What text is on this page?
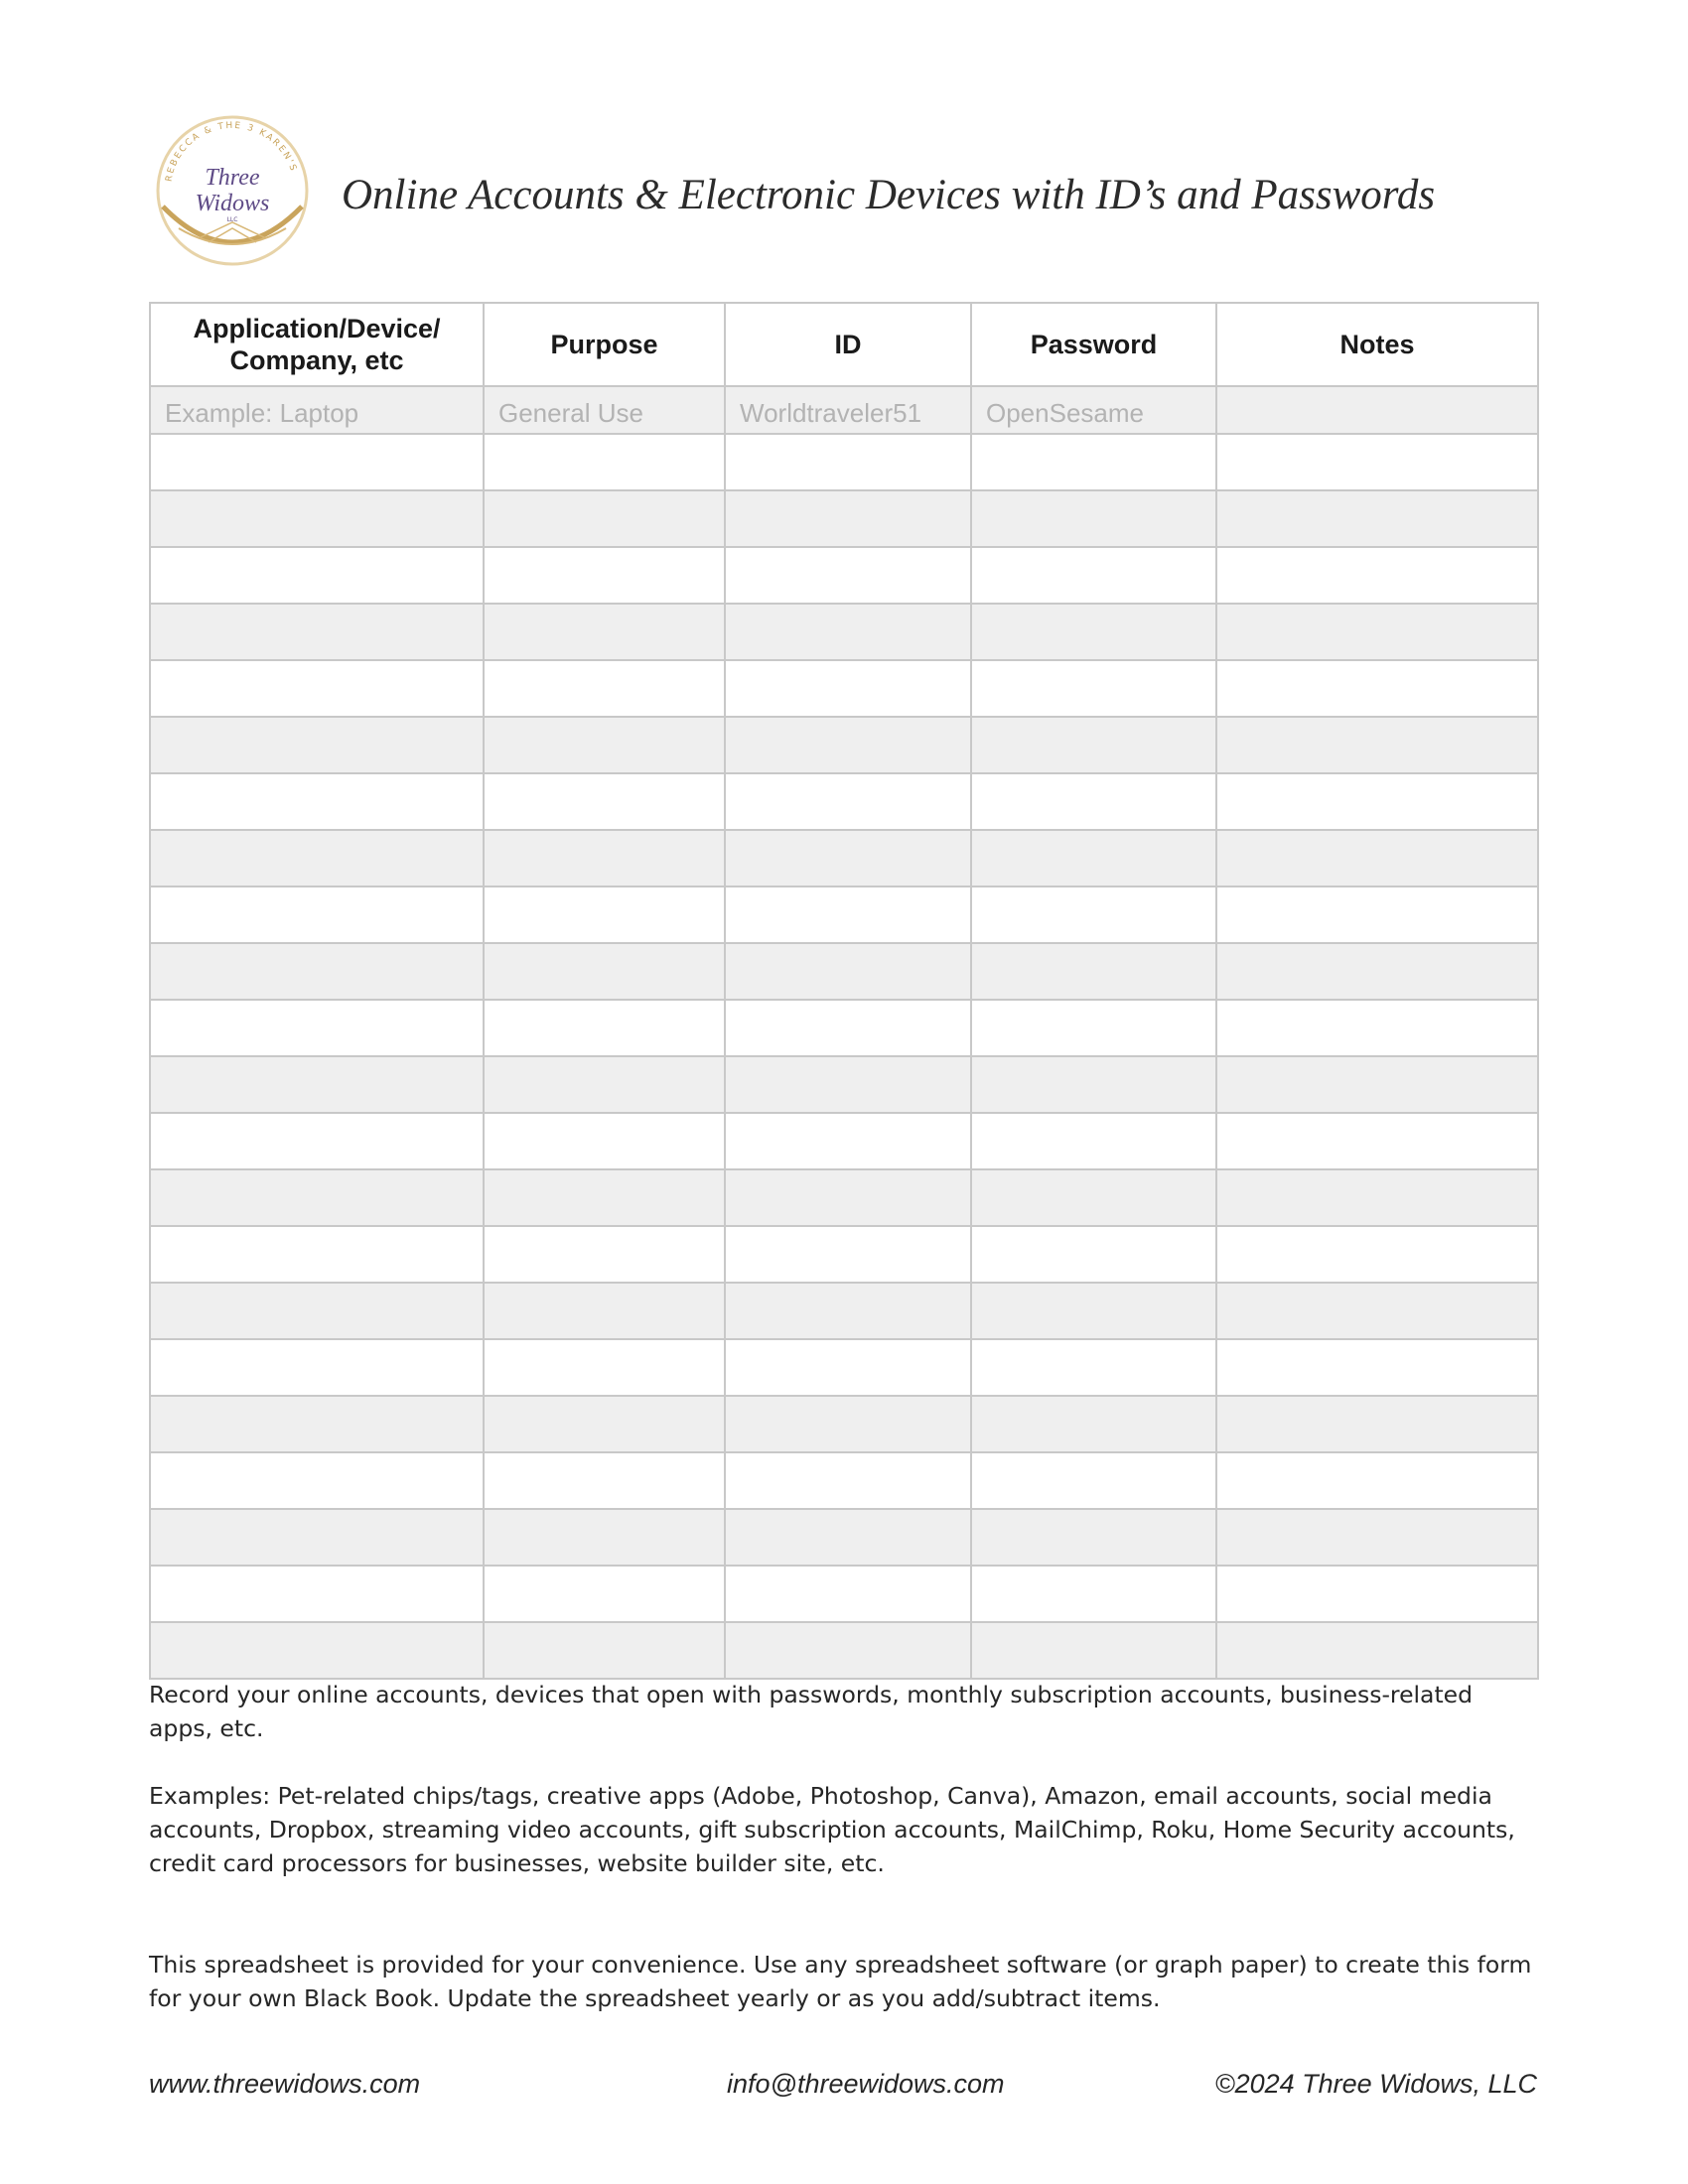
REBECCA & THE 3 KAREN'S
Three
Widows
LLC
Online Accounts & Electronic Devices with ID’s and Passwords
Application/Device/
Company, etc	Purpose	ID	Password	Notes
Example: Laptop	General Use	Worldtraveler51	OpenSesame	

Record your online accounts, devices that open with passwords, monthly subscription accounts, business-related apps, etc.
Examples: Pet-related chips/tags, creative apps (Adobe, Photoshop, Canva), Amazon, email accounts, social media accounts, Dropbox, streaming video accounts, gift subscription accounts, MailChimp, Roku, Home Security accounts, credit card processors for businesses, website builder site, etc.
This spreadsheet is provided for your convenience. Use any spreadsheet software (or graph paper) to create this form for your own Black Book. Update the spreadsheet yearly or as you add/subtract items.
www.threewidows.com	info@threewidows.com	©2024 Three Widows, LLC
